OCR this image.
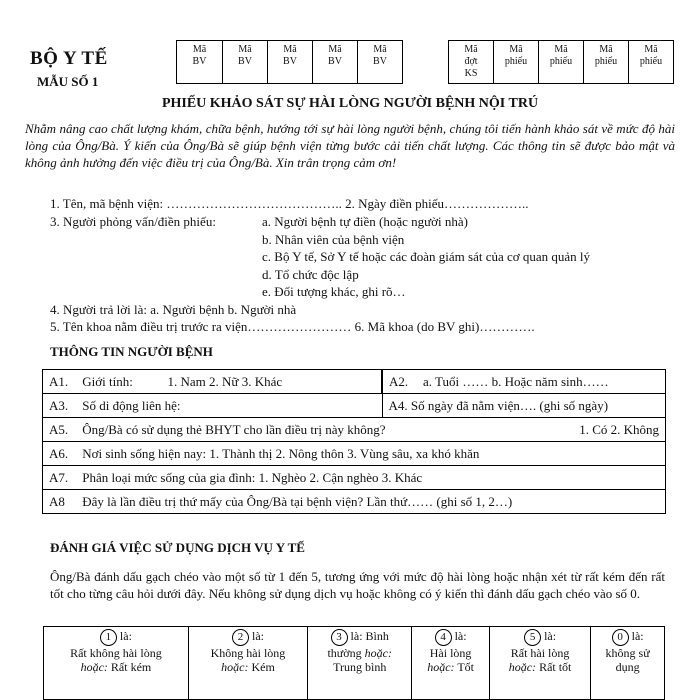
BỘ Y TẾ
MẪU SỐ 1
Mã
BV
Mã
BV
Mã
BV
Mã
BV
Mã
BV
Mã
đợt
KS
Mã
phiếu
Mã
phiếu
Mã
phiếu
Mã
phiếu
PHIẾU KHẢO SÁT SỰ HÀI LÒNG NGƯỜI BỆNH NỘI TRÚ
Nhằm nâng cao chất lượng khám, chữa bệnh, hướng tới sự hài lòng người bệnh, chúng tôi tiến hành khảo sát về mức độ hài lòng của Ông/Bà. Ý kiến của Ông/Bà sẽ giúp bệnh viện từng bước cải tiến chất lượng. Các thông tin sẽ được bảo mật và không ảnh hưởng đến việc điều trị của Ông/Bà. Xin trân trọng cảm ơn!
1. Tên, mã bệnh viện: ………………………………….. 2. Ngày điền phiếu………………..
3. Người phỏng vấn/điền phiếu:	a. Người bệnh tự điền (hoặc người nhà)
b. Nhân viên của bệnh viện
c. Bộ Y tế, Sở Y tế hoặc các đoàn giám sát của cơ quan quản lý
d. Tổ chức độc lập
e. Đối tượng khác, ghi rõ…
4. Người trả lời là: a. Người bệnh b. Người nhà
5. Tên khoa nằm điều trị trước ra viện…………………… 6. Mã khoa (do BV ghi)………….
THÔNG TIN NGƯỜI BỆNH
A1. Giới tính: 1. Nam 2. Nữ 3. Khác	A2. a. Tuổi …… b. Hoặc năm sinh……
A3. Số di động liên hệ:	A4. Số ngày đã nằm viện…. (ghi số ngày)
A5. Ông/Bà có sử dụng thẻ BHYT cho lần điều trị này không? 1. Có 2. Không	

A6. Nơi sinh sống hiện nay: 1. Thành thị 2. Nông thôn 3. Vùng sâu, xa khó khăn	
A7. Phân loại mức sống của gia đình: 1. Nghèo 2. Cận nghèo 3. Khác	
A8 Đây là lần điều trị thứ mấy của Ông/Bà tại bệnh viện? Lần thứ…… (ghi số 1, 2…)	
ĐÁNH GIÁ VIỆC SỬ DỤNG DỊCH VỤ Y TẾ
Ông/Bà đánh dấu gạch chéo vào một số từ 1 đến 5, tương ứng với mức độ hài lòng hoặc nhận xét từ rất kém đến rất tốt cho từng câu hỏi dưới đây. Nếu không sử dụng dịch vụ hoặc không có ý kiến thì đánh dấu gạch chéo vào số 0.
1 là:
Rất không hài lòng
hoặc: Rất kém	2 là:
Không hài lòng
hoặc: Kém	3 là: Bình
thường hoặc:
Trung bình	4 là:
Hài lòng
hoặc: Tốt	5 là:
Rất hài lòng
hoặc: Rất tốt	0 là:
không sử
dụng
